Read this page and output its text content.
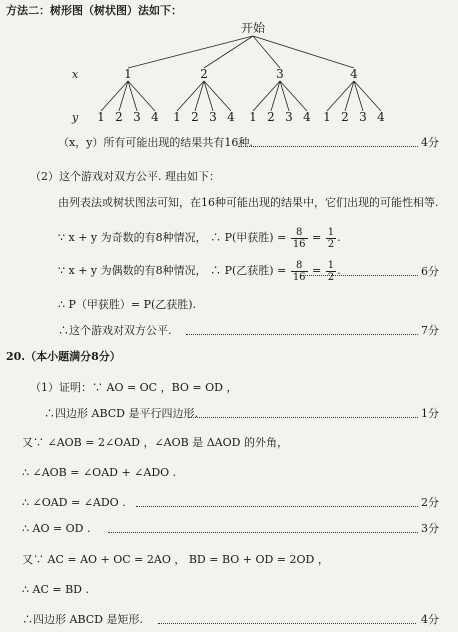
方法二：树形图（树状图）法如下：
开始
x
y
1
1 2 3 4
2
1 2 3 4
3
1 2 3 4
4
1 2 3 4
（x，y）所有可能出现的结果共有16种.	4分
（2）这个游戏对双方公平. 理由如下：
由列表法或树状图法可知，在16种可能出现的结果中，它们出现的可能性相等.
∵ x + y 为奇数的有8种情况， ∴ P(甲获胜) = $\frac{8}{16} = \frac{1}{2}$ .
∵ x + y 为偶数的有8种情况， ∴ P(乙获胜) = $\frac{8}{16} = \frac{1}{2}$ .	6分
∴ P（甲获胜）= P(乙获胜).
∴这个游戏对双方公平.	7分
20.（本小题满分8分）
（1）证明：∵ AO = OC ，BO = OD ，
∴四边形 ABCD 是平行四边形.	1分
又∵ ∠AOB = 2∠OAD ，∠AOB 是 ΔAOD 的外角，
∴ ∠AOB = ∠OAD + ∠ADO .
∴ ∠OAD = ∠ADO .	2分
∴ AO = OD .	3分
又∵ AC = AO + OC = 2AO ， BD = BO + OD = 2OD ，
∴ AC = BD .
∴四边形 ABCD 是矩形.	4分
